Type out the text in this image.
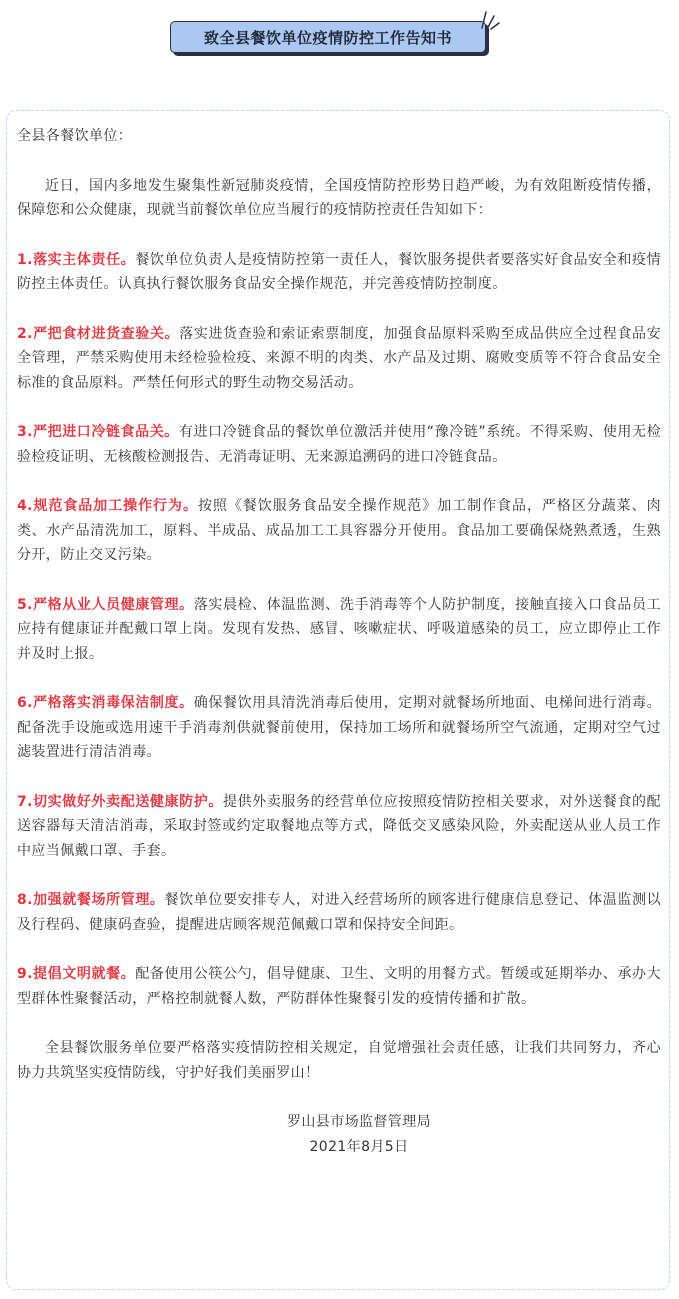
致全县餐饮单位疫情防控工作告知书

全县各餐饮单位：

近日，国内多地发生聚集性新冠肺炎疫情，全国疫情防控形势日趋严峻，为有效阻断疫情传播，保障您和公众健康，现就当前餐饮单位应当履行的疫情防控责任告知如下：

1.落实主体责任。餐饮单位负责人是疫情防控第一责任人，餐饮服务提供者要落实好食品安全和疫情防控主体责任。认真执行餐饮服务食品安全操作规范，并完善疫情防控制度。

2.严把食材进货查验关。落实进货查验和索证索票制度，加强食品原料采购至成品供应全过程食品安全管理，严禁采购使用未经检验检疫、来源不明的肉类、水产品及过期、腐败变质等不符合食品安全标准的食品原料。严禁任何形式的野生动物交易活动。

3.严把进口冷链食品关。有进口冷链食品的餐饮单位激活并使用“豫冷链”系统。不得采购、使用无检验检疫证明、无核酸检测报告、无消毒证明、无来源追溯码的进口冷链食品。

4.规范食品加工操作行为。按照《餐饮服务食品安全操作规范》加工制作食品，严格区分蔬菜、肉类、水产品清洗加工，原料、半成品、成品加工工具容器分开使用。食品加工要确保烧熟煮透，生熟分开，防止交叉污染。

5.严格从业人员健康管理。落实晨检、体温监测、洗手消毒等个人防护制度，接触直接入口食品员工应持有健康证并配戴口罩上岗。发现有发热、感冒、咳嗽症状、呼吸道感染的员工，应立即停止工作并及时上报。

6.严格落实消毒保洁制度。确保餐饮用具清洗消毒后使用，定期对就餐场所地面、电梯间进行消毒。配备洗手设施或选用速干手消毒剂供就餐前使用，保持加工场所和就餐场所空气流通，定期对空气过滤装置进行清洁消毒。

7.切实做好外卖配送健康防护。提供外卖服务的经营单位应按照疫情防控相关要求，对外送餐食的配送容器每天清洁消毒，采取封签或约定取餐地点等方式，降低交叉感染风险，外卖配送从业人员工作中应当佩戴口罩、手套。

8.加强就餐场所管理。餐饮单位要安排专人，对进入经营场所的顾客进行健康信息登记、体温监测以及行程码、健康码查验，提醒进店顾客规范佩戴口罩和保持安全间距。

9.提倡文明就餐。配备使用公筷公勺，倡导健康、卫生、文明的用餐方式。暂缓或延期举办、承办大型群体性聚餐活动，严格控制就餐人数，严防群体性聚餐引发的疫情传播和扩散。

全县餐饮服务单位要严格落实疫情防控相关规定，自觉增强社会责任感，让我们共同努力，齐心协力共筑坚实疫情防线，守护好我们美丽罗山！

罗山县市场监督管理局

2021年8月5日
